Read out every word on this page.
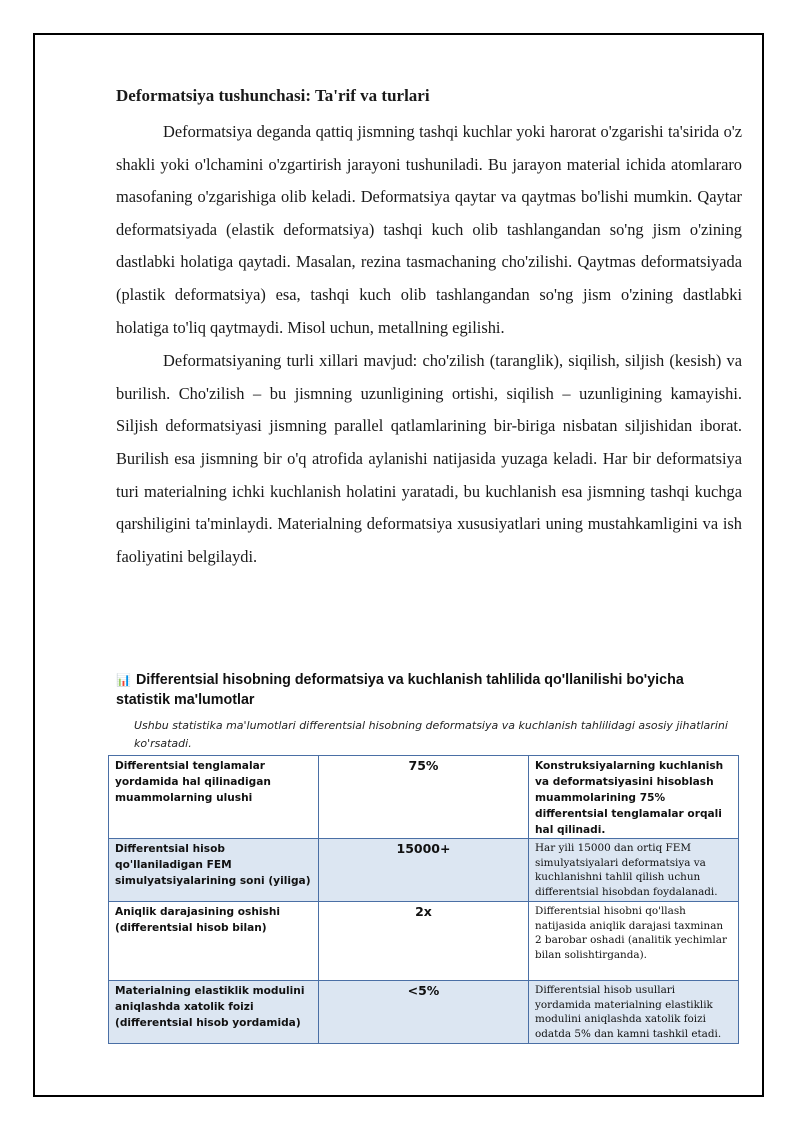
Deformatsiya tushunchasi: Ta'rif va turlari

Deformatsiya deganda qattiq jismning tashqi kuchlar yoki harorat o'zgarishi ta'sirida o'z shakli yoki o'lchamini o'zgartirish jarayoni tushuniladi. Bu jarayon material ichida atomlararo masofaning o'zgarishiga olib keladi. Deformatsiya qaytar va qaytmas bo'lishi mumkin. Qaytar deformatsiyada (elastik deformatsiya) tashqi kuch olib tashlangandan so'ng jism o'zining dastlabki holatiga qaytadi. Masalan, rezina tasmachaning cho'zilishi. Qaytmas deformatsiyada (plastik deformatsiya) esa, tashqi kuch olib tashlangandan so'ng jism o'zining dastlabki holatiga to'liq qaytmaydi. Misol uchun, metallning egilishi.

Deformatsiyaning turli xillari mavjud: cho'zilish (taranglik), siqilish, siljish (kesish) va burilish. Cho'zilish – bu jismning uzunligining ortishi, siqilish – uzunligining kamayishi. Siljish deformatsiyasi jismning parallel qatlamlarining bir-biriga nisbatan siljishidan iborat. Burilish esa jismning bir o'q atrofida aylanishi natijasida yuzaga keladi. Har bir deformatsiya turi materialning ichki kuchlanish holatini yaratadi, bu kuchlanish esa jismning tashqi kuchga qarshiligini ta'minlaydi. Materialning deformatsiya xususiyatlari uning mustahkamligini va ish faoliyatini belgilaydi.

📊 Differentsial hisobning deformatsiya va kuchlanish tahlilida qo'llanilishi bo'yicha statistik ma'lumotlar
Ushbu statistika ma'lumotlari differentsial hisobning deformatsiya va kuchlanish tahlilidagi asosiy jihatlarini ko'rsatadi.
Differentsial tenglamalar yordamida hal qilinadigan muammolarning ulushi	75%	Konstruksiyalarning kuchlanish va deformatsiyasini hisoblash muammolarining 75% differentsial tenglamalar orqali hal qilinadi.
Differentsial hisob qo'llaniladigan FEM simulyatsiyalarining soni (yiliga)	15000+	Har yili 15000 dan ortiq FEM simulyatsiyalari deformatsiya va kuchlanishni tahlil qilish uchun differentsial hisobdan foydalanadi.
Aniqlik darajasining oshishi (differentsial hisob bilan)	2x	Differentsial hisobni qo'llash natijasida aniqlik darajasi taxminan 2 barobar oshadi (analitik yechimlar bilan solishtirganda).
Materialning elastiklik modulini aniqlashda xatolik foizi (differentsial hisob yordamida)	<5%	Differentsial hisob usullari yordamida materialning elastiklik modulini aniqlashda xatolik foizi odatda 5% dan kamni tashkil etadi.
